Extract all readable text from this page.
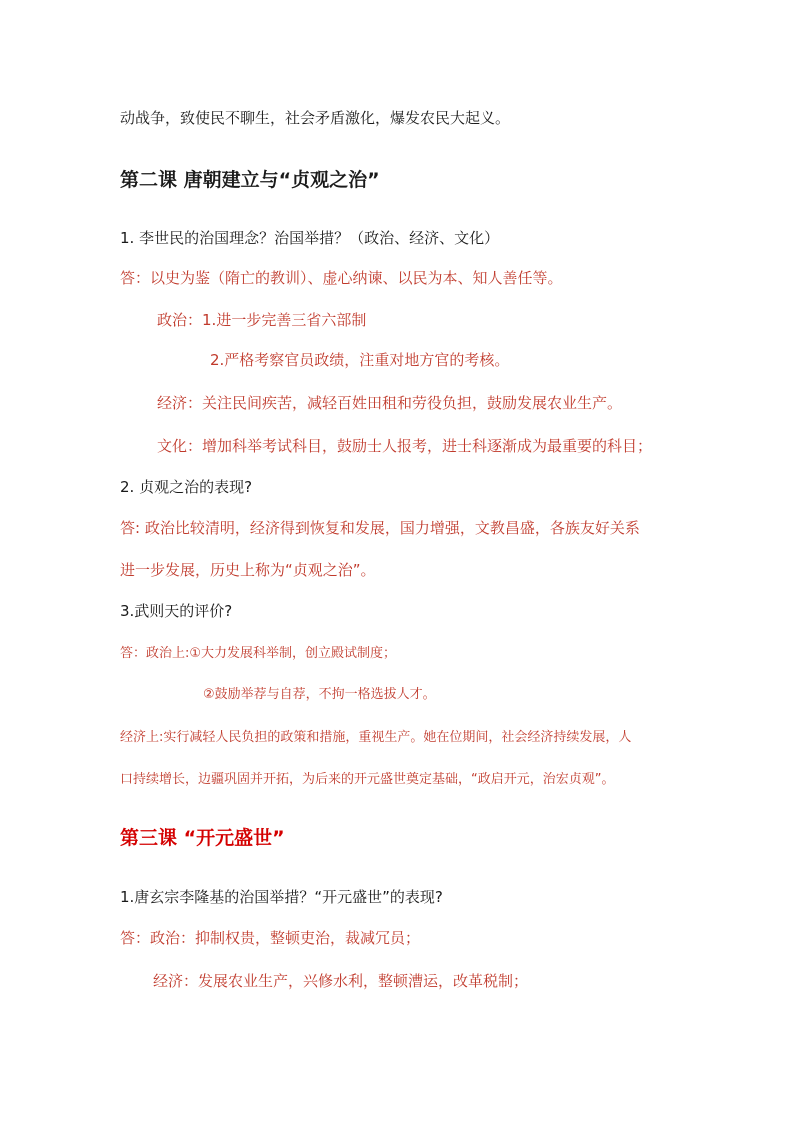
动战争，致使民不聊生，社会矛盾激化，爆发农民大起义。
第二课 唐朝建立与“贞观之治”
1. 李世民的治国理念？治国举措？（政治、经济、文化）
答：以史为鉴（隋亡的教训）、虚心纳谏、以民为本、知人善任等。
政治：1.进一步完善三省六部制
2.严格考察官员政绩，注重对地方官的考核。
经济：关注民间疾苦，减轻百姓田租和劳役负担，鼓励发展农业生产。
文化：增加科举考试科目，鼓励士人报考，进士科逐渐成为最重要的科目；
2. 贞观之治的表现?
答: 政治比较清明，经济得到恢复和发展，国力增强，文教昌盛，各族友好关系
进一步发展，历史上称为“贞观之治”。
3.武则天的评价?
答：政治上:①大力发展科举制，创立殿试制度；
②鼓励举荐与自荐，不拘一格选拔人才。
经济上:实行减轻人民负担的政策和措施，重视生产。她在位期间，社会经济持续发展，人
口持续增长，边疆巩固并开拓，为后来的开元盛世奠定基础，“政启开元，治宏贞观”。
第三课 “开元盛世”
1.唐玄宗李隆基的治国举措？“开元盛世”的表现?
答：政治：抑制权贵，整顿吏治，裁减冗员；
经济：发展农业生产，兴修水利，整顿漕运，改革税制；
